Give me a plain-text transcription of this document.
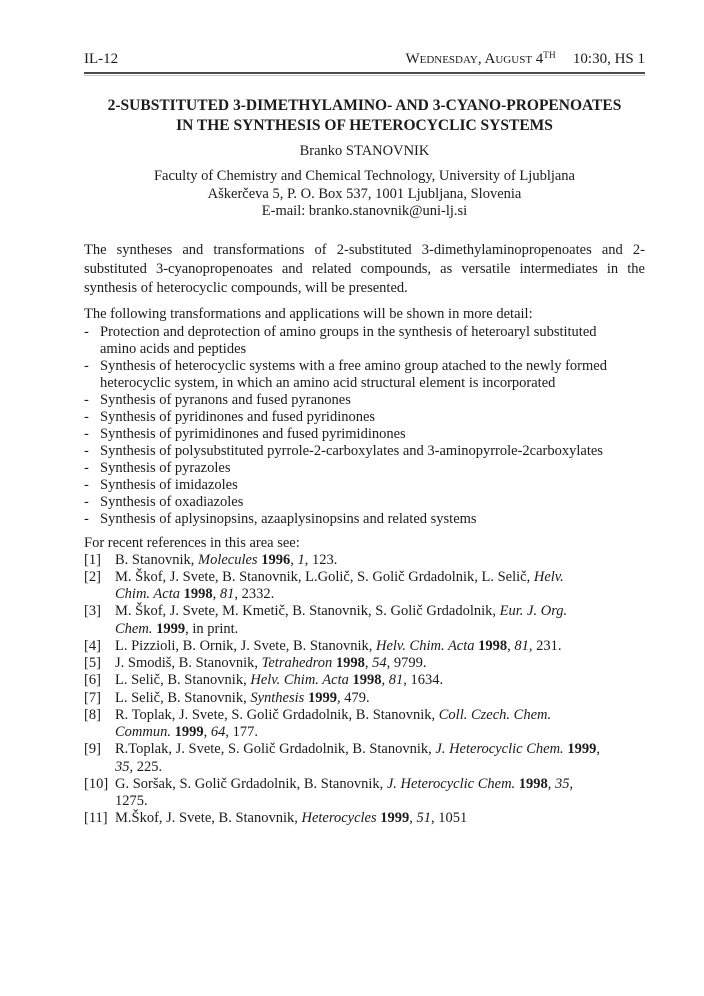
IL-12	Wednesday, August 4TH 10:30, HS 1
2-SUBSTITUTED 3-DIMETHYLAMINO- AND 3-CYANO-PROPENOATES
IN THE SYNTHESIS OF HETEROCYCLIC SYSTEMS
Branko STANOVNIK
Faculty of Chemistry and Chemical Technology, University of Ljubljana
Aškerčeva 5, P. O. Box 537, 1001 Ljubljana, Slovenia
E-mail: branko.stanovnik@uni-lj.si
The syntheses and transformations of 2-substituted 3-dimethylaminopropenoates and 2-
substituted 3-cyanopropenoates and related compounds, as versatile intermediates in the
synthesis of heterocyclic compounds, will be presented.
The following transformations and applications will be shown in more detail:
- Protection and deprotection of amino groups in the synthesis of heteroaryl substituted
amino acids and peptides
- Synthesis of heterocyclic systems with a free amino group atached to the newly formed
heterocyclic system, in which an amino acid structural element is incorporated
- Synthesis of pyranons and fused pyranones
- Synthesis of pyridinones and fused pyridinones
- Synthesis of pyrimidinones and fused pyrimidinones
- Synthesis of polysubstituted pyrrole-2-carboxylates and 3-aminopyrrole-2carboxylates
- Synthesis of pyrazoles
- Synthesis of imidazoles
- Synthesis of oxadiazoles
- Synthesis of aplysinopsins, azaaplysinopsins and related systems
For recent references in this area see:
[1] B. Stanovnik, Molecules 1996, 1, 123.
[2] M. Škof, J. Svete, B. Stanovnik, L.Golič, S. Golič Grdadolnik, L. Selič, Helv.
Chim. Acta 1998, 81, 2332.
[3] M. Škof, J. Svete, M. Kmetič, B. Stanovnik, S. Golič Grdadolnik, Eur. J. Org.
Chem. 1999, in print.
[4] L. Pizzioli, B. Ornik, J. Svete, B. Stanovnik, Helv. Chim. Acta 1998, 81, 231.
[5] J. Smodiš, B. Stanovnik, Tetrahedron 1998, 54, 9799.
[6] L. Selič, B. Stanovnik, Helv. Chim. Acta 1998, 81, 1634.
[7] L. Selič, B. Stanovnik, Synthesis 1999, 479.
[8] R. Toplak, J. Svete, S. Golič Grdadolnik, B. Stanovnik, Coll. Czech. Chem.
Commun. 1999, 64, 177.
[9] R.Toplak, J. Svete, S. Golič Grdadolnik, B. Stanovnik, J. Heterocyclic Chem. 1999,
35, 225.
[10] G. Soršak, S. Golič Grdadolnik, B. Stanovnik, J. Heterocyclic Chem. 1998, 35,
1275.
[11] M.Škof, J. Svete, B. Stanovnik, Heterocycles 1999, 51, 1051
